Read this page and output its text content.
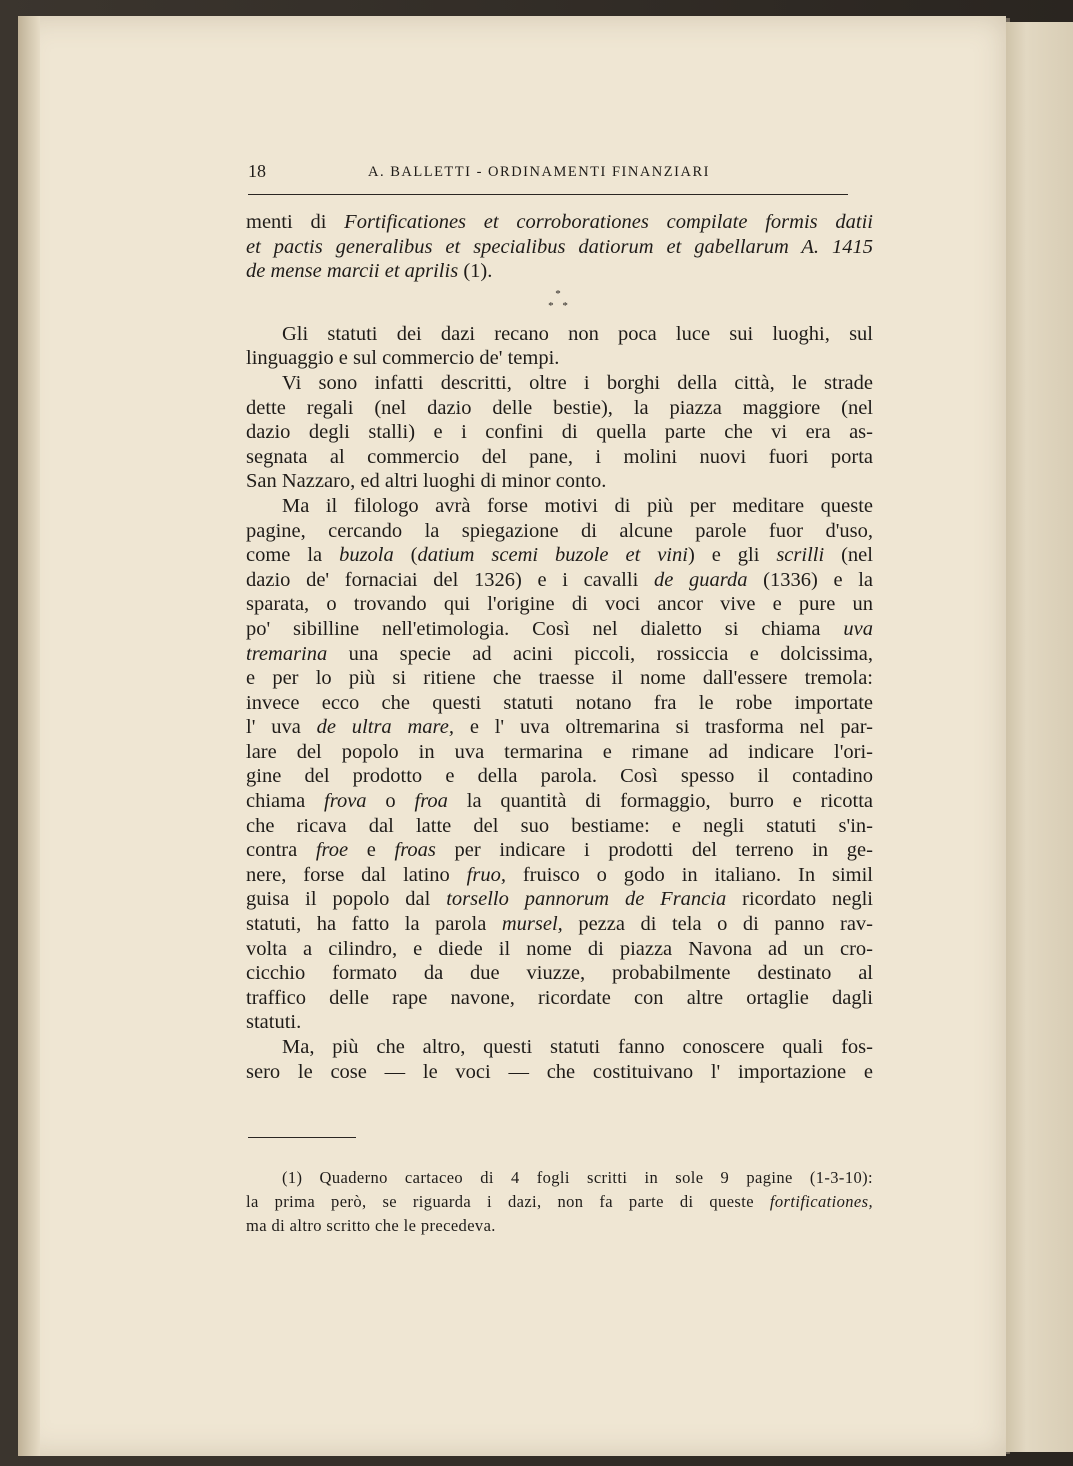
18	A. BALLETTI - ORDINAMENTI FINANZIARI

menti di Fortificationes et corroborationes compilate formis datii
et pactis generalibus et specialibus datiorum et gabellarum A. 1415
de mense marcii et aprilis (1).

*
* *

Gli statuti dei dazi recano non poca luce sui luoghi, sul
linguaggio e sul commercio de' tempi.

Vi sono infatti descritti, oltre i borghi della città, le strade
dette regali (nel dazio delle bestie), la piazza maggiore (nel
dazio degli stalli) e i confini di quella parte che vi era as-
segnata al commercio del pane, i molini nuovi fuori porta
San Nazzaro, ed altri luoghi di minor conto.

Ma il filologo avrà forse motivi di più per meditare queste
pagine, cercando la spiegazione di alcune parole fuor d'uso,
come la buzola (datium scemi buzole et vini) e gli scrilli (nel
dazio de' fornaciai del 1326) e i cavalli de guarda (1336) e la
sparata, o trovando qui l'origine di voci ancor vive e pure un
po' sibilline nell'etimologia. Così nel dialetto si chiama uva
tremarina una specie ad acini piccoli, rossiccia e dolcissima,
e per lo più si ritiene che traesse il nome dall'essere tremola:
invece ecco che questi statuti notano fra le robe importate
l' uva de ultra mare, e l' uva oltremarina si trasforma nel par-
lare del popolo in uva termarina e rimane ad indicare l'ori-
gine del prodotto e della parola. Così spesso il contadino
chiama frova o froa la quantità di formaggio, burro e ricotta
che ricava dal latte del suo bestiame: e negli statuti s'in-
contra froe e froas per indicare i prodotti del terreno in ge-
nere, forse dal latino fruo, fruisco o godo in italiano. In simil
guisa il popolo dal torsello pannorum de Francia ricordato negli
statuti, ha fatto la parola mursel, pezza di tela o di panno rav-
volta a cilindro, e diede il nome di piazza Navona ad un cro-
cicchio formato da due viuzze, probabilmente destinato al
traffico delle rape navone, ricordate con altre ortaglie dagli
statuti.

Ma, più che altro, questi statuti fanno conoscere quali fos-
sero le cose — le voci — che costituivano l' importazione e

(1) Quaderno cartaceo di 4 fogli scritti in sole 9 pagine (1-3-10):
la prima però, se riguarda i dazi, non fa parte di queste fortificationes,
ma di altro scritto che le precedeva.
